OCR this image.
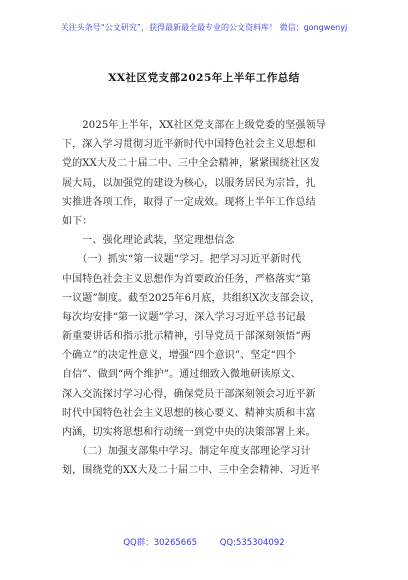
关注头条号“公文研究”，获得最新最全最专业的公文资料库！ 微信：gongwenyj
XX社区党支部2025年上半年工作总结
　　2025年上半年，XX社区党支部在上级党委的坚强领导
下，深入学习贯彻习近平新时代中国特色社会主义思想和
党的XX大及二十届二中、三中全会精神，紧紧围绕社区发
展大局，以加强党的建设为核心，以服务居民为宗旨，扎
实推进各项工作，取得了一定成效。现将上半年工作总结
如下：
　　一、强化理论武装，坚定理想信念
　　（一）抓实“第一议题”学习。把学习习近平新时代
中国特色社会主义思想作为首要政治任务，严格落实“第
一议题”制度。截至2025年6月底，共组织X次支部会议，
每次均安排“第一议题”学习，深入学习习近平总书记最
新重要讲话和指示批示精神，引导党员干部深刻领悟“两
个确立”的决定性意义，增强“四个意识”、坚定“四个
自信”、做到“两个维护”。通过细致入微地研读原文、
深入交流探讨学习心得，确保党员干部深刻领会习近平新
时代中国特色社会主义思想的核心要义、精神实质和丰富
内涵，切实将思想和行动统一到党中央的决策部署上来。
　　（二）加强支部集中学习。制定年度支部理论学习计
划，围绕党的XX大及二十届二中、三中全会精神、习近平
QQ群：30265665	QQ:535304092
